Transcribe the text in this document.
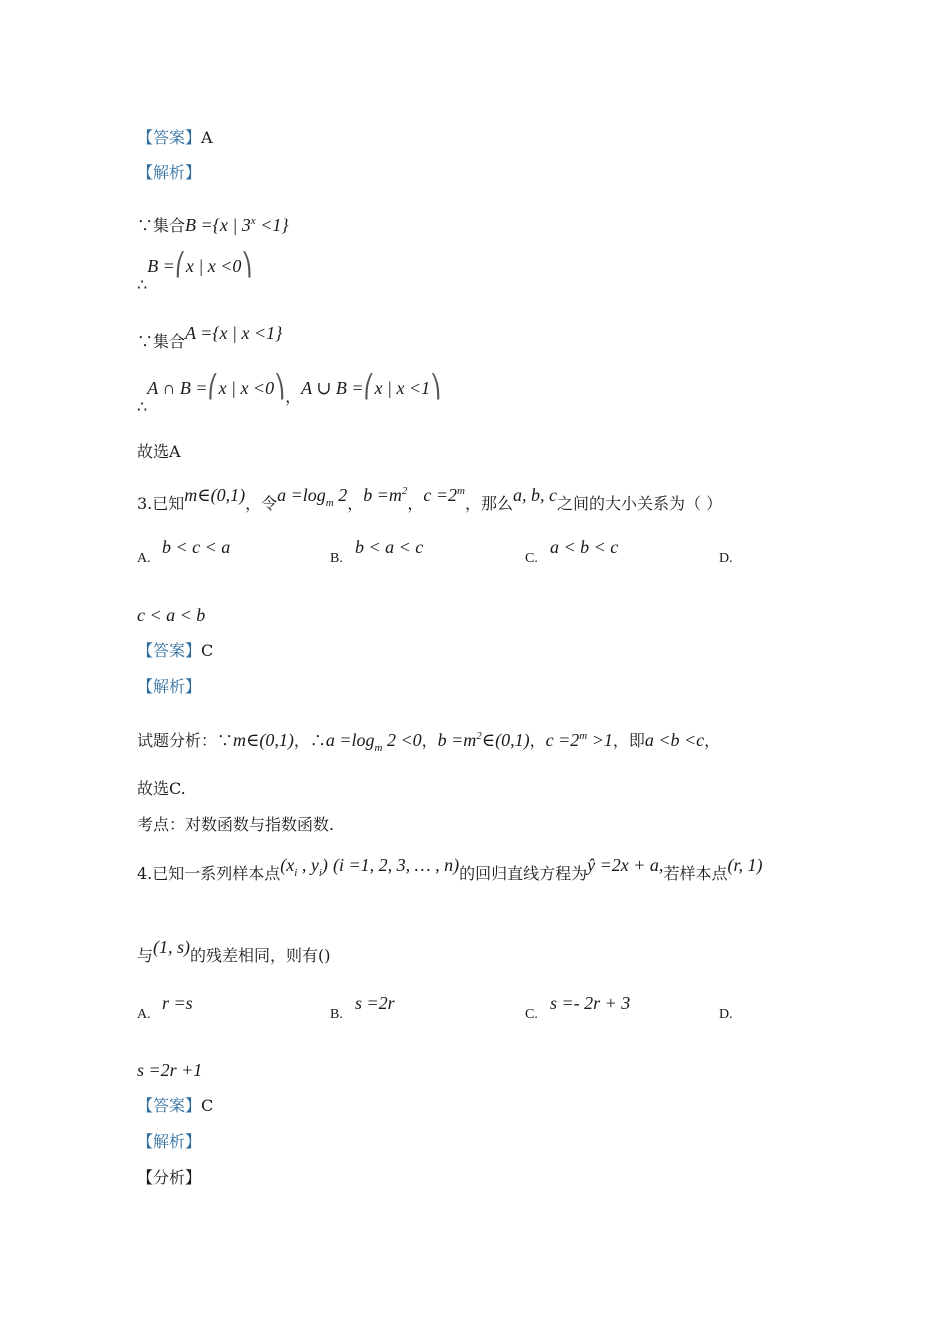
【答案】A
【解析】
∵集合B ={x | $3^x <1$}
∴B =⎛x | x <0⎞
∵集合A ={x | x <1}
∴A ∩ B =⎛x | x <0⎞，A ∪ B =⎛x | x <1⎞
故选A
3.已知m∈(0,1)，令$a =\log_m$ 2，$b =m^2$，$c =2^m$，那么a, b, c之间的大小关系为（ ）
A.
b < c < a
B.
b < a < c
C.
a < b < c
D.
c < a < b
【答案】C
【解析】
试题分析：∵m∈(0,1)，∴a $=\log_m$ 2 <0，$b =m^2\in(0,1)$，$c =2^m >1$，即a <b <c，
故选C.
考点：对数函数与指数函数.
4.已知一系列样本点($x_i$ , $y_i$) (i =1, 2, 3, … , n)的回归直线方程为ŷ =2x + a,若样本点(r, 1)
与(1, s)的残差相同，则有()
A.
r =s
B.
s =2r
C.
s =- 2r + 3
D.
s =2r +1
【答案】C
【解析】
【分析】
